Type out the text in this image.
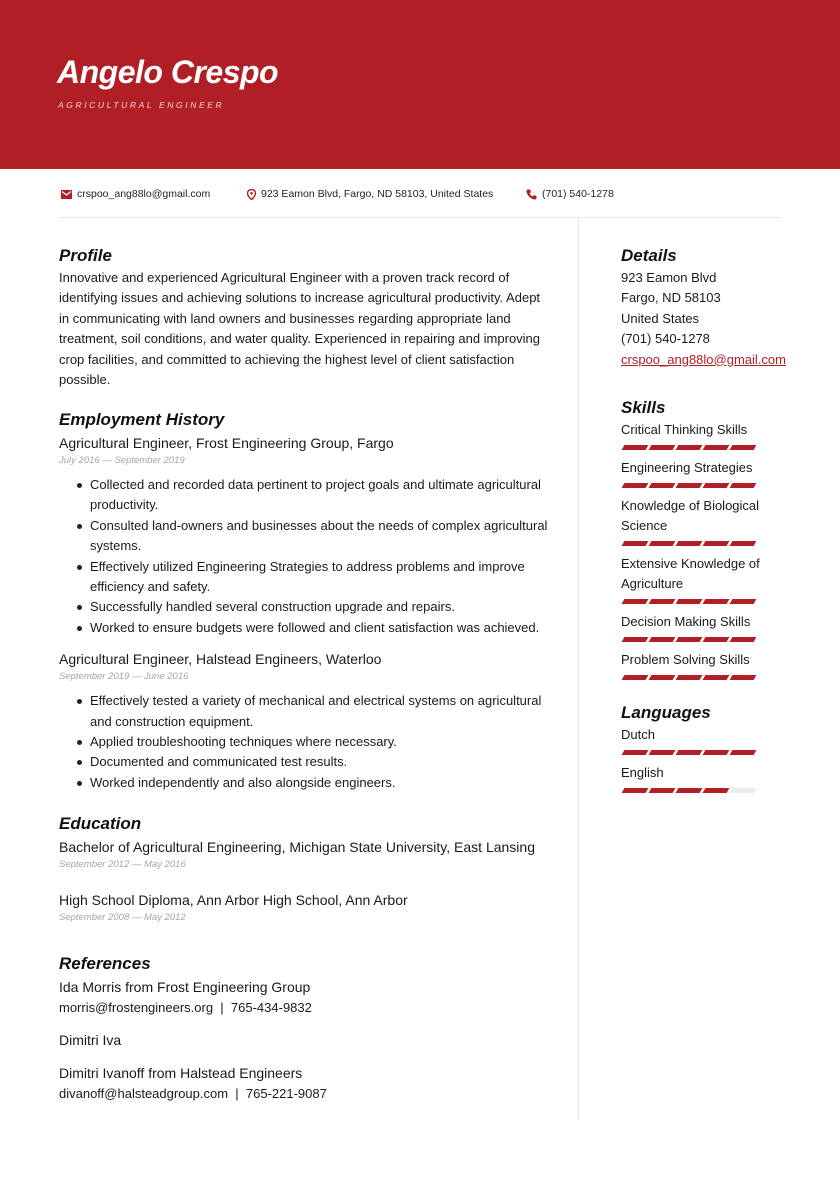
Angelo Crespo
AGRICULTURAL ENGINEER
crspoo_ang88lo@gmail.com	923 Eamon Blvd, Fargo, ND 58103, United States	(701) 540-1278
Profile

Innovative and experienced Agricultural Engineer with a proven track record of identifying issues and achieving solutions to increase agricultural productivity. Adept in communicating with land owners and businesses regarding appropriate land treatment, soil conditions, and water quality. Experienced in repairing and improving crop facilities, and committed to achieving the highest level of client satisfaction possible.

Employment History
Agricultural Engineer, Frost Engineering Group, Fargo
July 2016 — September 2019
Collected and recorded data pertinent to project goals and ultimate agricultural productivity.
Consulted land-owners and businesses about the needs of complex agricultural systems.
Effectively utilized Engineering Strategies to address problems and improve efficiency and safety.
Successfully handled several construction upgrade and repairs.
Worked to ensure budgets were followed and client satisfaction was achieved.
Agricultural Engineer, Halstead Engineers, Waterloo
September 2019 — June 2016
Effectively tested a variety of mechanical and electrical systems on agricultural and construction equipment.
Applied troubleshooting techniques where necessary.
Documented and communicated test results.
Worked independently and also alongside engineers.
Education
Bachelor of Agricultural Engineering, Michigan State University, East Lansing
September 2012 — May 2016
High School Diploma, Ann Arbor High School, Ann Arbor
September 2008 — May 2012
References
Ida Morris from Frost Engineering Group
morris@frostengineers.org  |  765-434-9832
Dimitri Iva
Dimitri Ivanoff from Halstead Engineers
divanoff@halsteadgroup.com  |  765-221-9087
Details
923 Eamon Blvd
Fargo, ND 58103
United States
(701) 540-1278
crspoo_ang88lo@gmail.com
Skills
Critical Thinking Skills
Engineering Strategies
Knowledge of Biological Science
Extensive Knowledge of Agriculture
Decision Making Skills
Problem Solving Skills
Languages
Dutch
English
